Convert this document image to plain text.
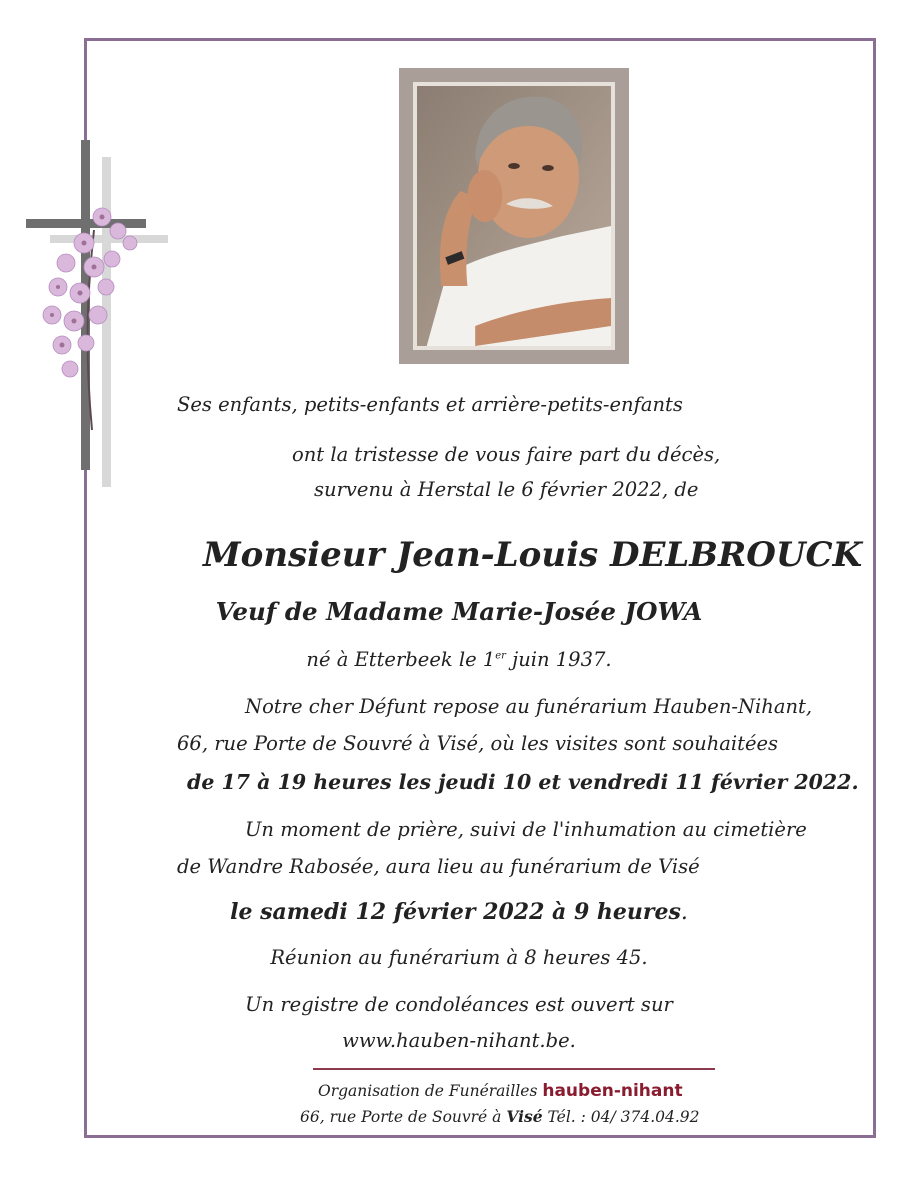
Ses enfants, petits-enfants et arrière-petits-enfants
ont la tristesse de vous faire part du décès,
survenu à Herstal le 6 février 2022, de
Monsieur Jean-Louis DELBROUCK
Veuf de Madame Marie-Josée JOWA
né à Etterbeek le 1er juin 1937.
Notre cher Défunt repose au funérarium Hauben-Nihant,
66, rue Porte de Souvré à Visé, où les visites sont souhaitées
de 17 à 19 heures les jeudi 10 et vendredi 11 février 2022.
Un moment de prière, suivi de l'inhumation au cimetière
de Wandre Rabosée, aura lieu au funérarium de Visé
le samedi 12 février 2022 à 9 heures.
Réunion au funérarium à 8 heures 45.
Un registre de condoléances est ouvert sur
www.hauben-nihant.be.
Organisation de Funérailles hauben-nihant
66, rue Porte de Souvré à Visé Tél. : 04/ 374.04.92
